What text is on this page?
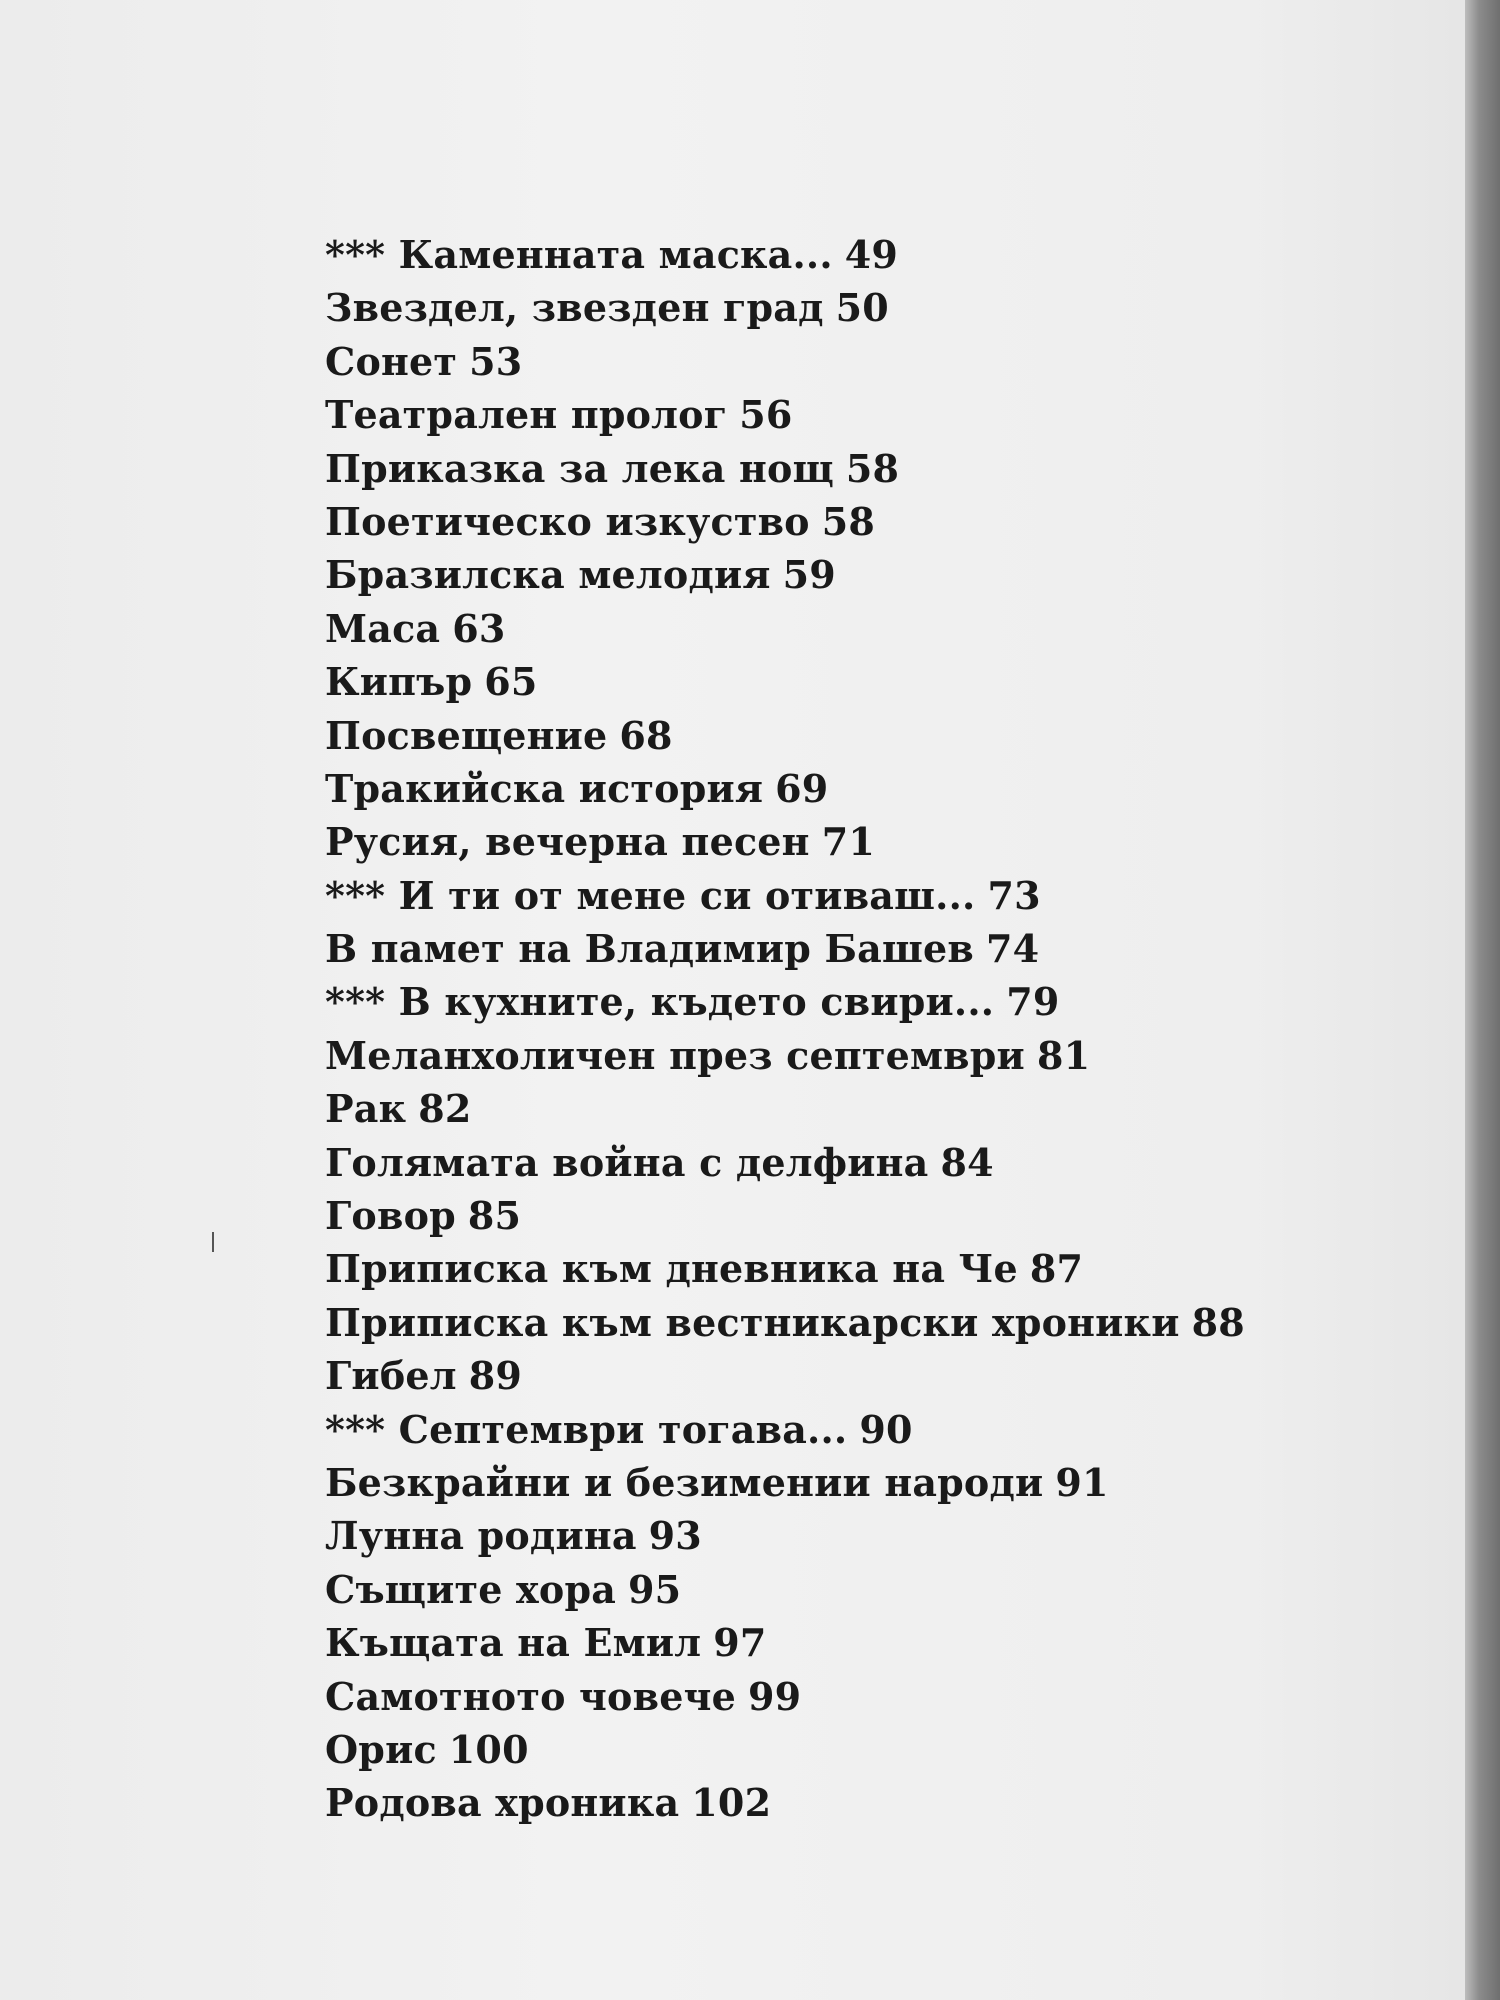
*** Каменната маска... 49
Звездел, звезден град 50
Сонет 53
Театрален пролог 56
Приказка за лека нощ 58
Поетическо изкуство 58
Бразилска мелодия 59
Маса 63
Кипър 65
Посвещение 68
Тракийска история 69
Русия, вечерна песен 71
*** И ти от мене си отиваш... 73
В памет на Владимир Башев 74
*** В кухните, където свири... 79
Меланхоличен през септември 81
Рак 82
Голямата война с делфина 84
Говор 85
Приписка към дневника на Че 87
Приписка към вестникарски хроники 88
Гибел 89
*** Септември тогава... 90
Безкрайни и безимении народи 91
Лунна родина 93
Същите хора 95
Къщата на Емил 97
Самотното човече 99
Орис 100
Родова хроника 102
